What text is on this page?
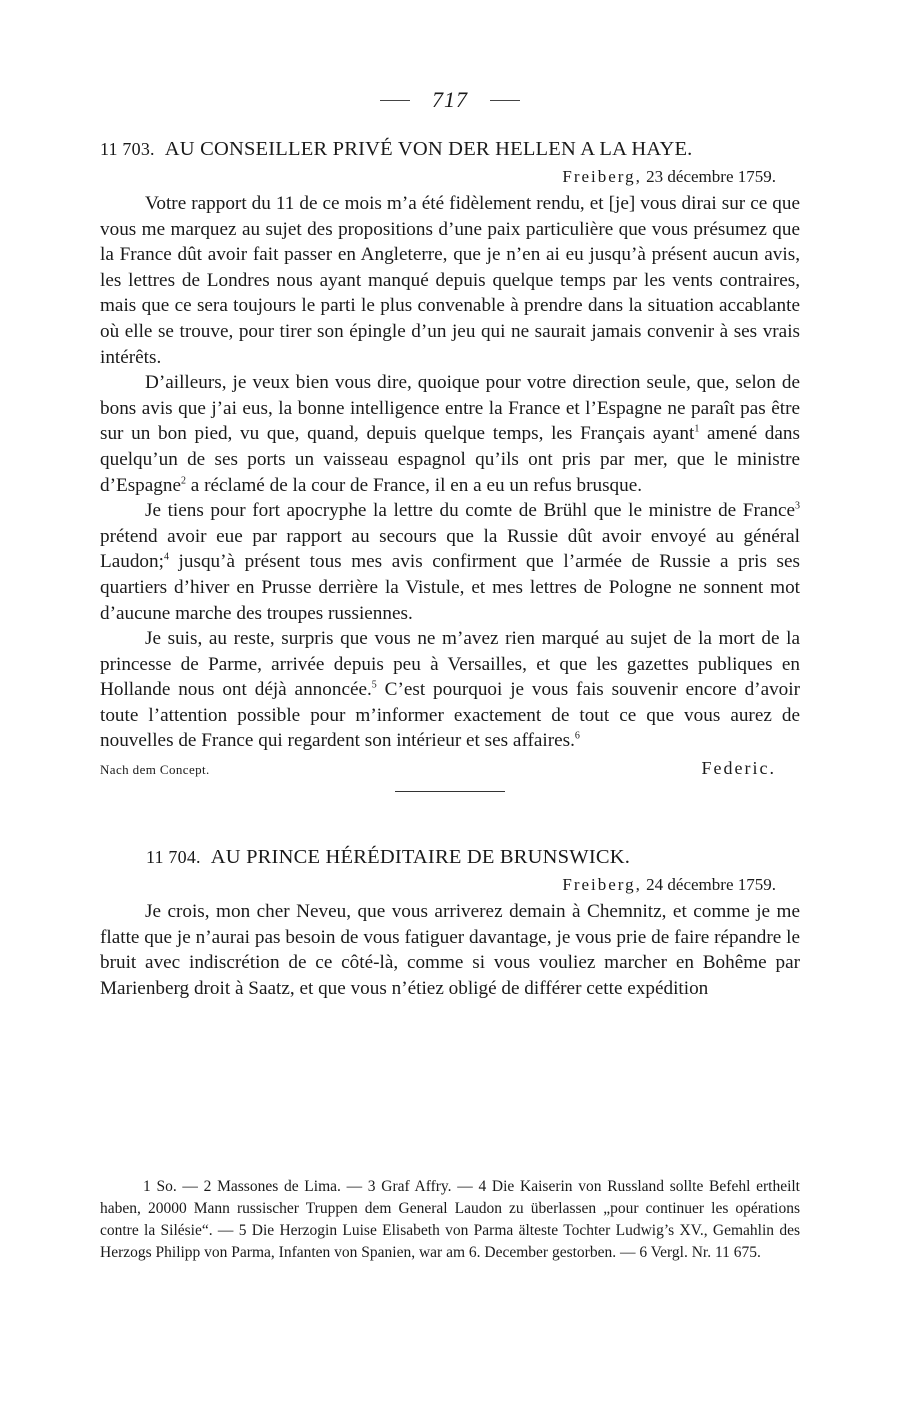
717
11 703. AU CONSEILLER PRIVÉ VON DER HELLEN A LA HAYE.
Freiberg, 23 décembre 1759.

Votre rapport du 11 de ce mois m’a été fidèlement rendu, et [je] vous dirai sur ce que vous me marquez au sujet des propositions d’une paix particulière que vous présumez que la France dût avoir fait passer en Angleterre, que je n’en ai eu jusqu’à présent aucun avis, les lettres de Londres nous ayant manqué depuis quelque temps par les vents contraires, mais que ce sera toujours le parti le plus convenable à prendre dans la situation accablante où elle se trouve, pour tirer son épingle d’un jeu qui ne saurait jamais convenir à ses vrais intérêts.

D’ailleurs, je veux bien vous dire, quoique pour votre direction seule, que, selon de bons avis que j’ai eus, la bonne intelligence entre la France et l’Espagne ne paraît pas être sur un bon pied, vu que, quand, depuis quelque temps, les Français ayant$^1$ amené dans quelqu’un de ses ports un vaisseau espagnol qu’ils ont pris par mer, que le ministre d’Espagne$^2$ a réclamé de la cour de France, il en a eu un refus brusque.

Je tiens pour fort apocryphe la lettre du comte de Brühl que le ministre de France$^3$ prétend avoir eue par rapport au secours que la Russie dût avoir envoyé au général Laudon;$^4$ jusqu’à présent tous mes avis confirment que l’armée de Russie a pris ses quartiers d’hiver en Prusse derrière la Vistule, et mes lettres de Pologne ne sonnent mot d’aucune marche des troupes russiennes.

Je suis, au reste, surpris que vous ne m’avez rien marqué au sujet de la mort de la princesse de Parme, arrivée depuis peu à Versailles, et que les gazettes publiques en Hollande nous ont déjà annoncée.$^5$ C’est pourquoi je vous fais souvenir encore d’avoir toute l’attention possible pour m’informer exactement de tout ce que vous aurez de nouvelles de France qui regardent son intérieur et ses affaires.$^6$

Nach dem Concept.	Federic.
11 704. AU PRINCE HÉRÉDITAIRE DE BRUNSWICK.
Freiberg, 24 décembre 1759.

Je crois, mon cher Neveu, que vous arriverez demain à Chemnitz, et comme je me flatte que je n’aurai pas besoin de vous fatiguer davantage, je vous prie de faire répandre le bruit avec indiscrétion de ce côté-là, comme si vous vouliez marcher en Bohême par Marienberg droit à Saatz, et que vous n’étiez obligé de différer cette expédition

1 So. — 2 Massones de Lima. — 3 Graf Affry. — 4 Die Kaiserin von Russland sollte Befehl ertheilt haben, 20000 Mann russischer Truppen dem General Laudon zu überlassen „pour continuer les opérations contre la Silésie“. — 5 Die Herzogin Luise Elisabeth von Parma älteste Tochter Ludwig’s XV., Gemahlin des Herzogs Philipp von Parma, Infanten von Spanien, war am 6. December gestorben. — 6 Vergl. Nr. 11 675.
